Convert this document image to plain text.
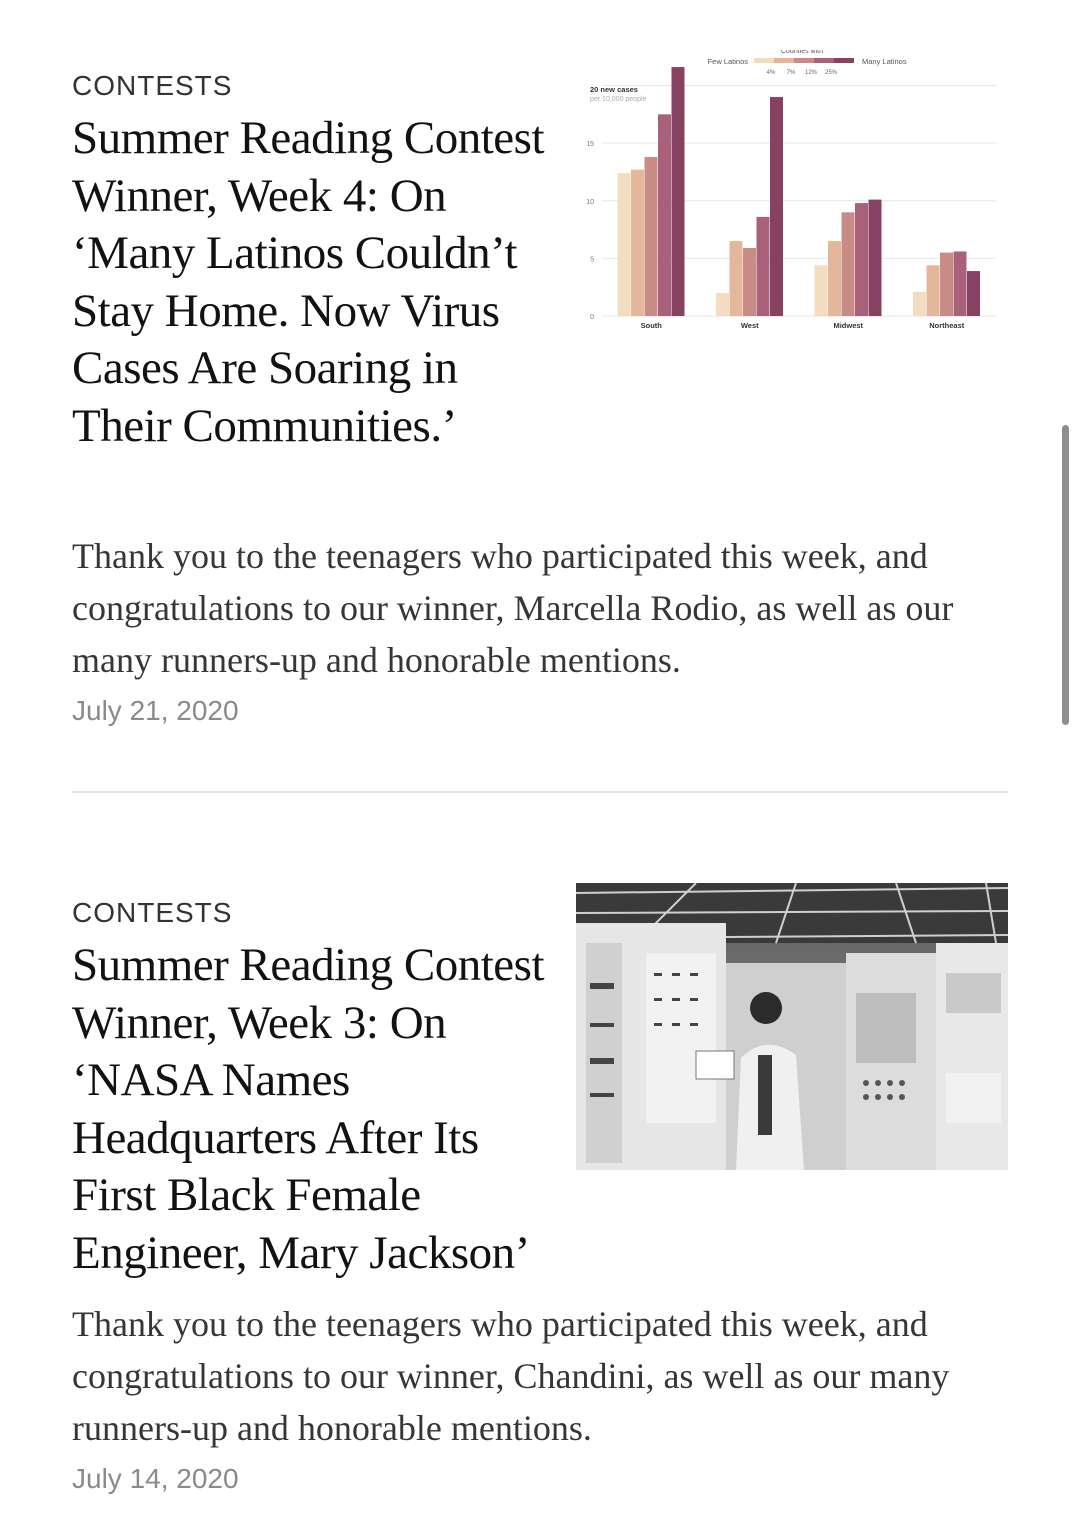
CONTESTS

Summer Reading Contest Winner, Week 4: On ‘Many Latinos Couldn’t Stay Home. Now Virus Cases Are Soaring in Their Communities.’
Counties with
Few Latinos	Many Latinos
4% 7% 12% 25%
20 new cases
per 10,000 people
0
5
10
15
South	West	Midwest	Northeast

Thank you to the teenagers who participated this week, and congratulations to our winner, Marcella Rodio, as well as our many runners-up and honorable mentions.

July 21, 2020

CONTESTS

Summer Reading Contest Winner, Week 3: On ‘NASA Names Headquarters After Its First Black Female Engineer, Mary Jackson’

Thank you to the teenagers who participated this week, and congratulations to our winner, Chandini, as well as our many runners-up and honorable mentions.

July 14, 2020
